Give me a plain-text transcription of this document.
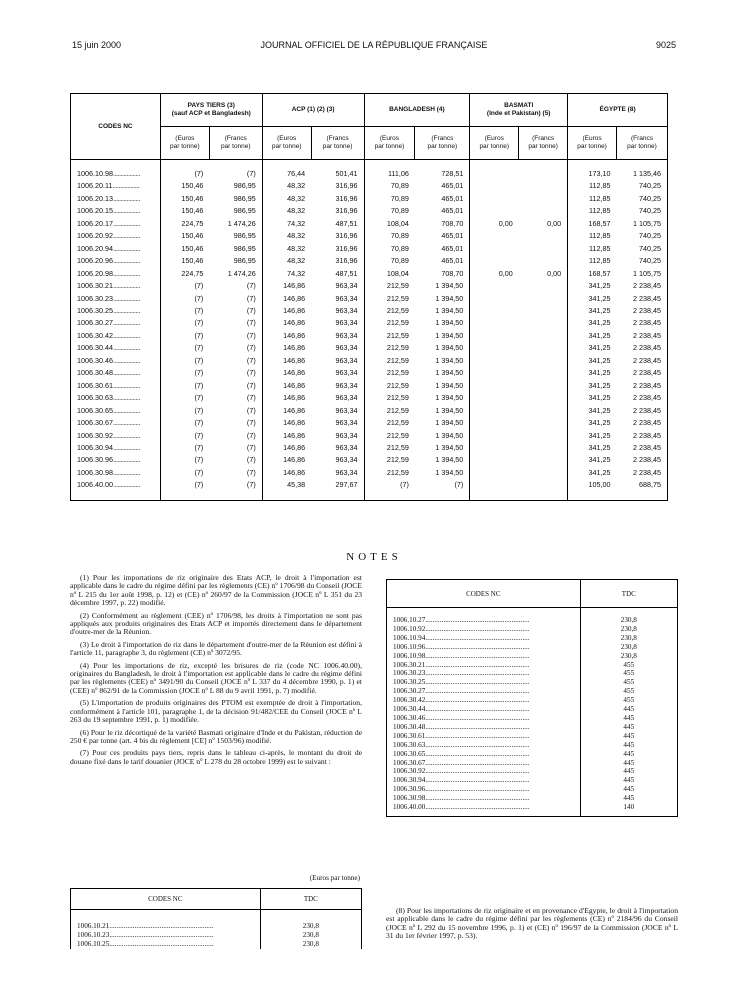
15 juin 2000	JOURNAL OFFICIEL DE LA RÉPUBLIQUE FRANÇAISE	9025
CODES NC	PAYS TIERS (3)
(sauf ACP et Bangladesh)		ACP (1) (2) (3)		BANGLADESH (4)		BASMATI
(Inde et Pakistan) (5)		ÉGYPTE (8)	
	(Euros
par tonne)	(Francs
par tonne)	(Euros
par tonne)	(Francs
par tonne)	(Euros
par tonne)	(Francs
par tonne)	(Euros
par tonne)	(Francs
par tonne)	(Euros
par tonne)	(Francs
par tonne)
1006.10.98..................	(7)	(7)	76,44	501,41	111,06	728,51			173,10	1 135,46
1006.20.11..................	150,46	986,95	48,32	316,96	70,89	465,01			112,85	740,25
1006.20.13..................	150,46	986,95	48,32	316,96	70,89	465,01			112,85	740,25
1006.20.15..................	150,46	986,95	48,32	316,96	70,89	465,01			112,85	740,25
1006.20.17..................	224,75	1 474,26	74,32	487,51	108,04	708,70	0,00	0,00	168,57	1 105,75
1006.20.92..................	150,46	986,95	48,32	316,96	70,89	465,01			112,85	740,25
1006.20.94..................	150,46	986,95	48,32	316,96	70,89	465,01			112,85	740,25
1006.20.96..................	150,46	986,95	48,32	316,96	70,89	465,01			112,85	740,25
1006.20.98..................	224,75	1 474,26	74,32	487,51	108,04	708,70	0,00	0,00	168,57	1 105,75
1006.30.21..................	(7)	(7)	146,86	963,34	212,59	1 394,50			341,25	2 238,45
1006.30.23..................	(7)	(7)	146,86	963,34	212,59	1 394,50			341,25	2 238,45
1006.30.25..................	(7)	(7)	146,86	963,34	212,59	1 394,50			341,25	2 238,45
1006.30.27..................	(7)	(7)	146,86	963,34	212,59	1 394,50			341,25	2 238,45
1006.30.42..................	(7)	(7)	146,86	963,34	212,59	1 394,50			341,25	2 238,45
1006.30.44..................	(7)	(7)	146,86	963,34	212,59	1 394,50			341,25	2 238,45
1006.30.46..................	(7)	(7)	146,86	963,34	212,59	1 394,50			341,25	2 238,45
1006.30.48..................	(7)	(7)	146,86	963,34	212,59	1 394,50			341,25	2 238,45
1006.30.61..................	(7)	(7)	146,86	963,34	212,59	1 394,50			341,25	2 238,45
1006.30.63..................	(7)	(7)	146,86	963,34	212,59	1 394,50			341,25	2 238,45
1006.30.65..................	(7)	(7)	146,86	963,34	212,59	1 394,50			341,25	2 238,45
1006.30.67..................	(7)	(7)	146,86	963,34	212,59	1 394,50			341,25	2 238,45
1006.30.92..................	(7)	(7)	146,86	963,34	212,59	1 394,50			341,25	2 238,45
1006.30.94..................	(7)	(7)	146,86	963,34	212,59	1 394,50			341,25	2 238,45
1006.30.96..................	(7)	(7)	146,86	963,34	212,59	1 394,50			341,25	2 238,45
1006.30.98..................	(7)	(7)	146,86	963,34	212,59	1 394,50			341,25	2 238,45
1006.40.00..................	(7)	(7)	45,38	297,67	(7)	(7)			105,00	688,75
NOTES

(1) Pour les importations de riz originaire des Etats ACP, le droit à l'importation est applicable dans le cadre du régime défini par les règlements (CE) nº 1706/98 du Conseil (JOCE nº L 215 du 1er août 1998, p. 12) et (CE) nº 260/97 de la Commission (JOCE nº L 351 du 23 décembre 1997, p. 22) modifié.

(2) Conformément au règlement (CEE) nº 1706/98, les droits à l'importation ne sont pas appliqués aux produits originaires des Etats ACP et importés directement dans le département d'outre-mer de la Réunion.

(3) Le droit à l'importation de riz dans le département d'outre-mer de la Réunion est défini à l'article 11, paragraphe 3, du règlement (CE) nº 3072/95.

(4) Pour les importations de riz, excepté les brisures de riz (code NC 1006.40.00), originaires du Bangladesh, le droit à l'importation est applicable dans le cadre du régime défini par les règlements (CEE) nº 3491/90 du Conseil (JOCE nº L 337 du 4 décembre 1990, p. 1) et (CEE) nº 862/91 de la Commission (JOCE nº L 88 du 9 avril 1991, p. 7) modifié.

(5) L'importation de produits originaires des PTOM est exemptée de droit à l'importation, conformément à l'article 101, paragraphe 1, de la décision 91/482/CEE du Conseil (JOCE nº L 263 du 19 septembre 1991, p. 1) modifiée.

(6) Pour le riz décortiqué de la variété Basmati originaire d'Inde et du Pakistan, réduction de 250 € par tonne (art. 4 bis du règlement [CE] nº 1503/96) modifié.

(7) Pour ces produits pays tiers, repris dans le tableau ci-après, le montant du droit de douane fixé dans le tarif douanier (JOCE nº L 278 du 28 octobre 1999) est le suivant :

(Euros par tonne)
CODES NC	TDC
1006.10.21..........................................................	230,8
1006.10.23..........................................................	230,8
1006.10.25..........................................................	230,8
CODES NC	TDC
1006.10.27..........................................................	230,8
1006.10.92..........................................................	230,8
1006.10.94..........................................................	230,8
1006.10.96..........................................................	230,8
1006.10.98..........................................................	230,8
1006.30.21..........................................................	455
1006.30.23..........................................................	455
1006.30.25..........................................................	455
1006.30.27..........................................................	455
1006.30.42..........................................................	455
1006.30.44..........................................................	445
1006.30.46..........................................................	445
1006.30.48..........................................................	445
1006.30.61..........................................................	445
1006.30.63..........................................................	445
1006.30.65..........................................................	445
1006.30.67..........................................................	445
1006.30.92..........................................................	445
1006.30.94..........................................................	445
1006.30.96..........................................................	445
1006.30.98..........................................................	445
1006.40.00..........................................................	140

(8) Pour les importations de riz originaire et en provenance d'Egypte, le droit à l'importation est applicable dans le cadre du régime défini par les règlements (CE) nº 2184/96 du Conseil (JOCE nº L 292 du 15 novembre 1996, p. 1) et (CE) nº 196/97 de la Commission (JOCE nº L 31 du 1er février 1997, p. 53).
